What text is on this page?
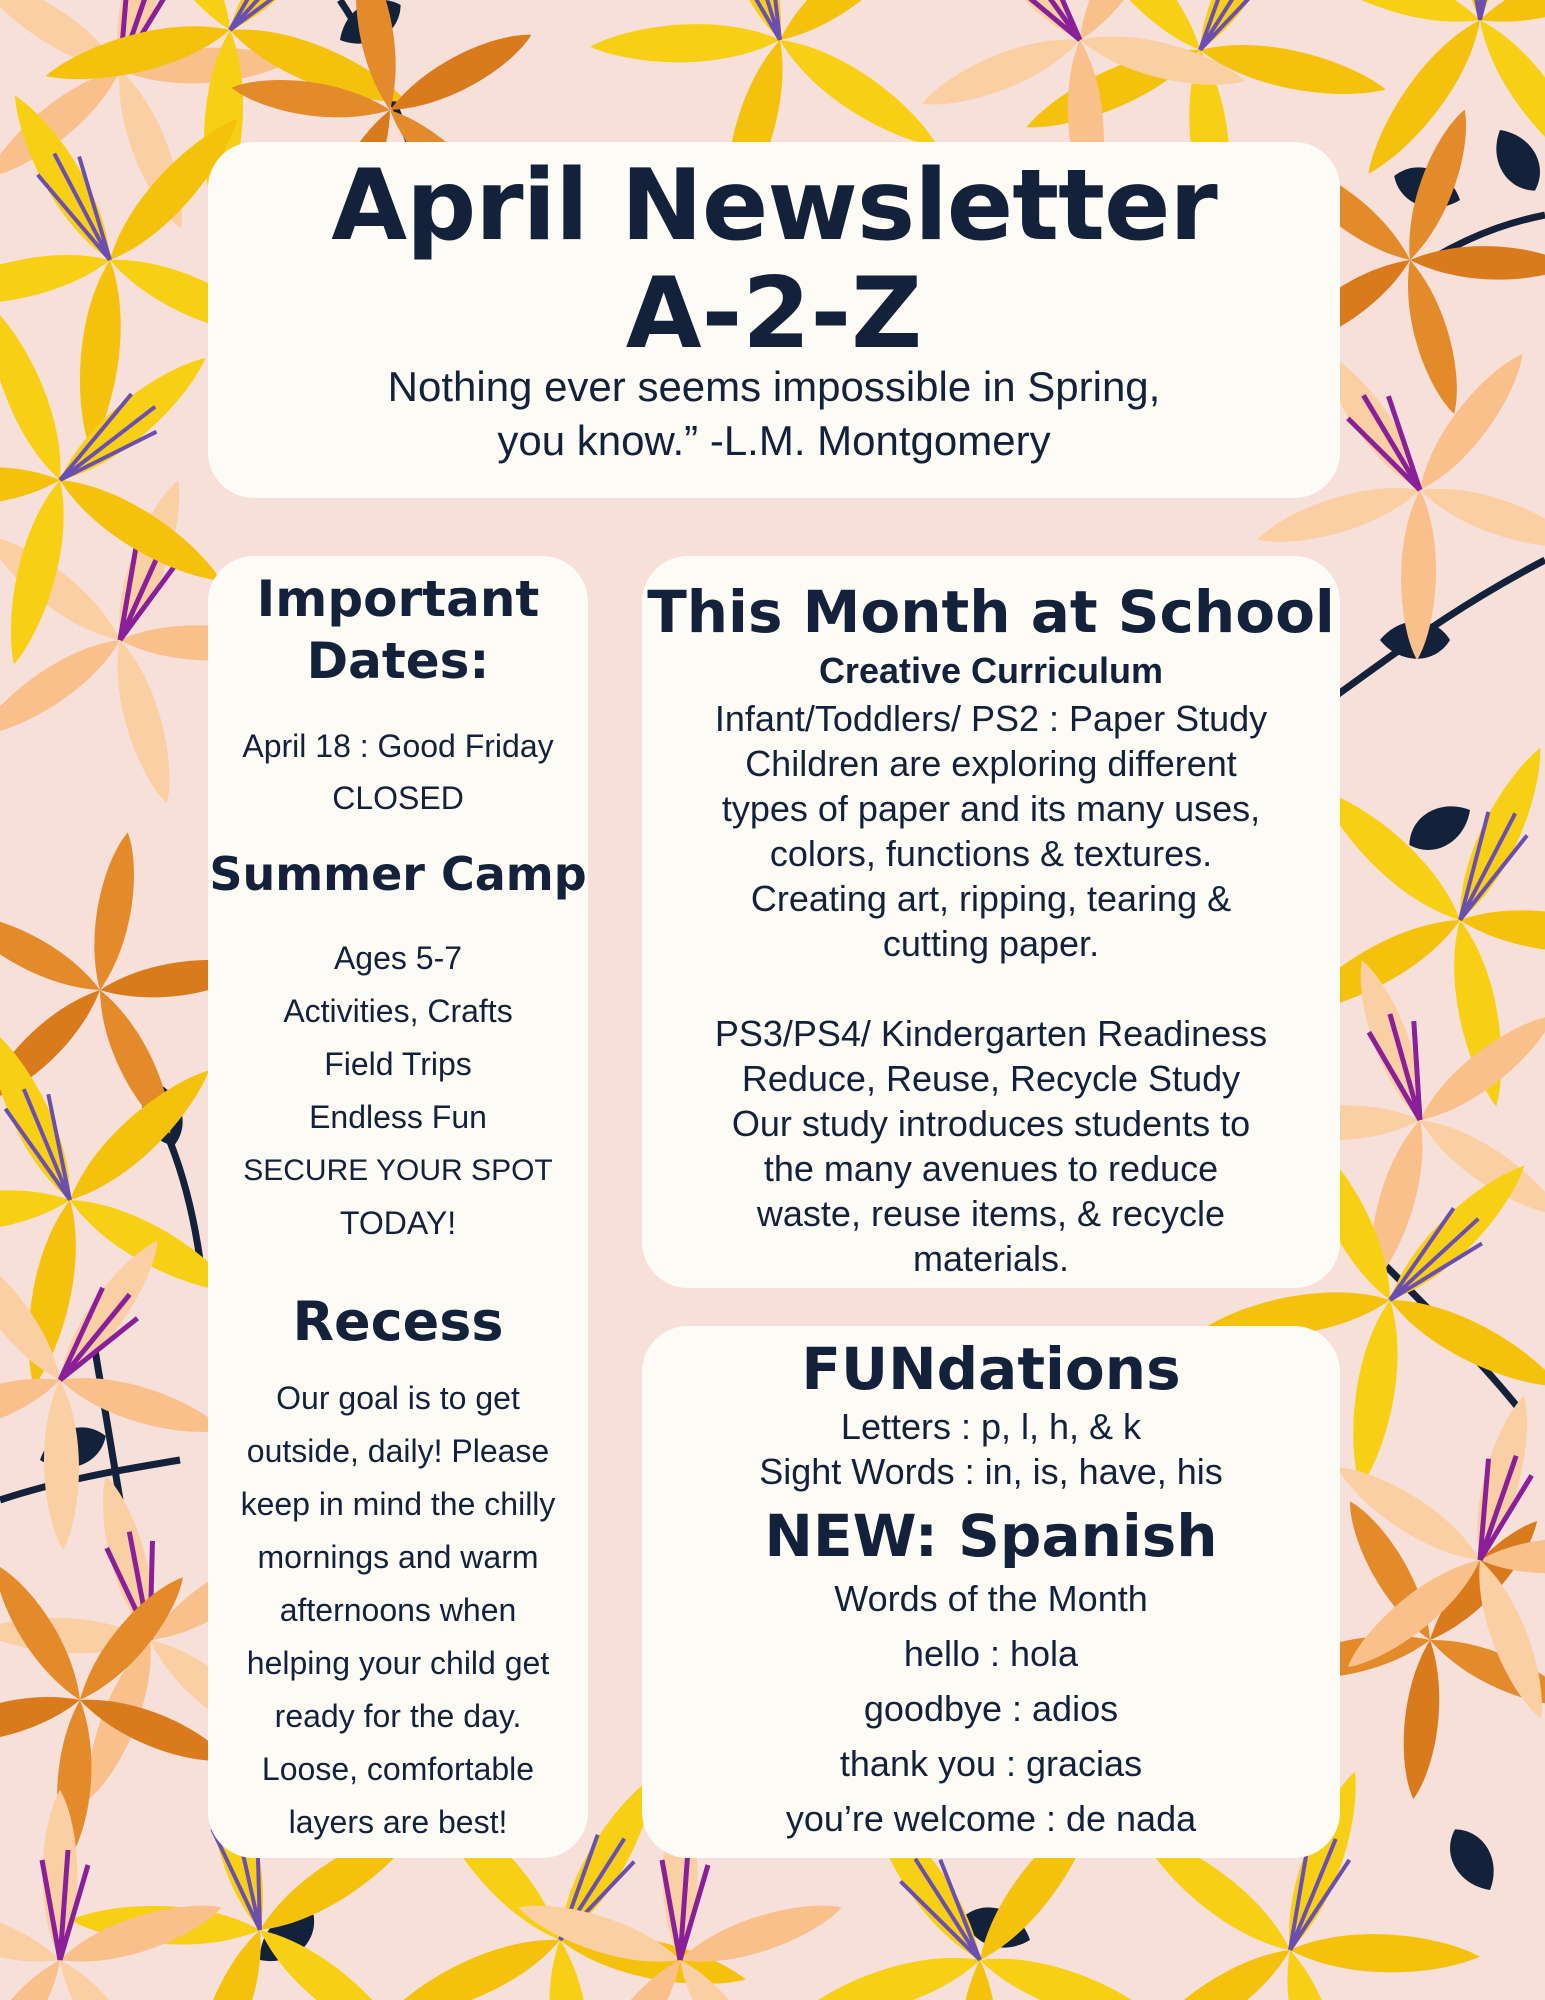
April Newsletter
A-2-Z
Nothing ever seems impossible in Spring,
you know.” -L.M. Montgomery
Important
Dates:
April 18 : Good Friday
CLOSED
Summer Camp
Ages 5-7
Activities, Crafts
Field Trips
Endless Fun
SECURE YOUR SPOT
TODAY!
Recess
Our goal is to get
outside, daily! Please
keep in mind the chilly
mornings and warm
afternoons when
helping your child get
ready for the day.
Loose, comfortable
layers are best!
This Month at School
Creative Curriculum
Infant/Toddlers/ PS2 : Paper Study
Children are exploring different
types of paper and its many uses,
colors, functions & textures.
Creating art, ripping, tearing &
cutting paper.
PS3/PS4/ Kindergarten Readiness
Reduce, Reuse, Recycle Study
Our study introduces students to
the many avenues to reduce
waste, reuse items, & recycle
materials.
FUNdations
Letters : p, l, h, & k
Sight Words : in, is, have, his
NEW: Spanish
Words of the Month
hello : hola
goodbye : adios
thank you : gracias
you’re welcome : de nada
